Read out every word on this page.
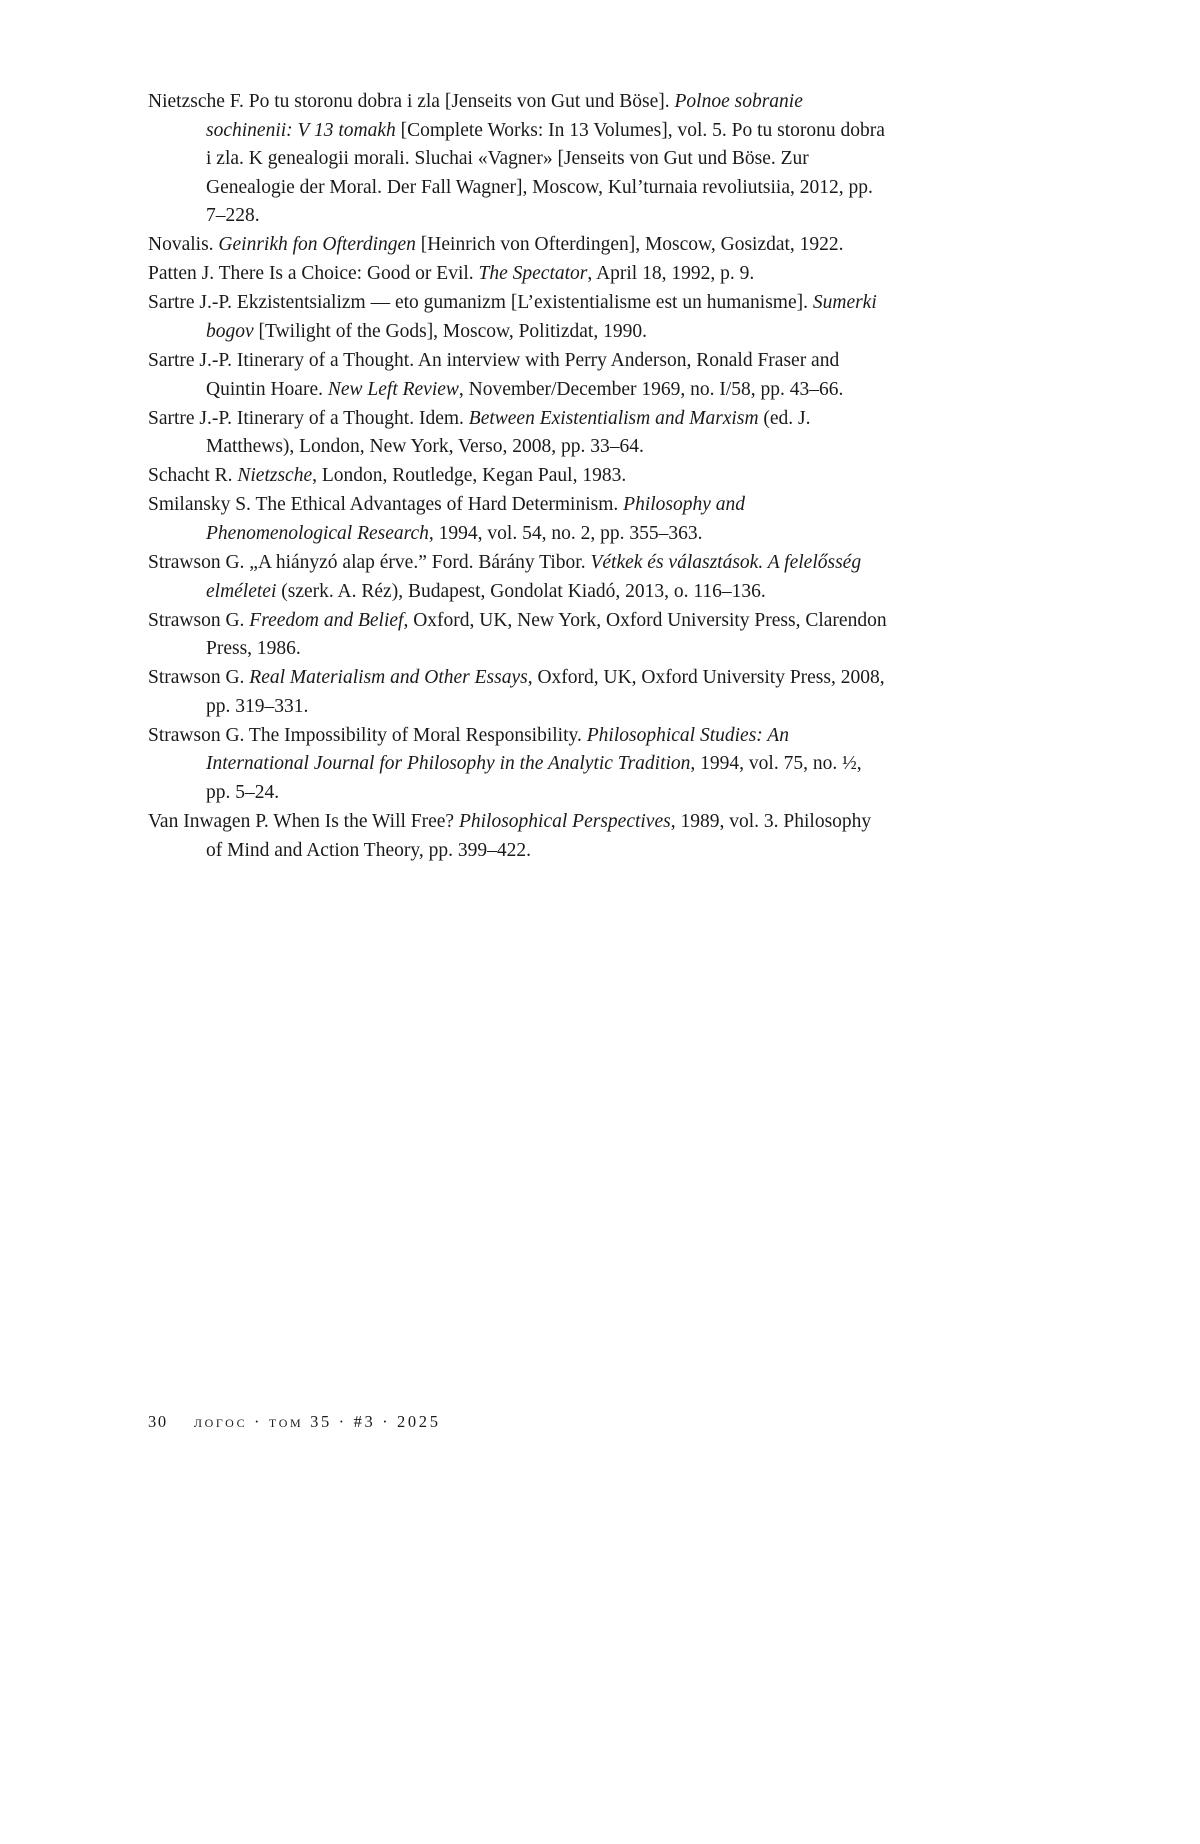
Nietzsche F. Po tu storonu dobra i zla [Jenseits von Gut und Böse]. Polnoe sobranie sochinenii: V 13 tomakh [Complete Works: In 13 Volumes], vol. 5. Po tu storonu dobra i zla. K genealogii morali. Sluchai «Vagner» [Jenseits von Gut und Böse. Zur Genealogie der Moral. Der Fall Wagner], Moscow, Kul’turnaia revoliutsiia, 2012, pp. 7–228.

Novalis. Geinrikh fon Ofterdingen [Heinrich von Ofterdingen], Moscow, Gosizdat, 1922.

Patten J. There Is a Choice: Good or Evil. The Spectator, April 18, 1992, p. 9.

Sartre J.-P. Ekzistentsializm — eto gumanizm [L’existentialisme est un humanisme]. Sumerki bogov [Twilight of the Gods], Moscow, Politizdat, 1990.

Sartre J.-P. Itinerary of a Thought. An interview with Perry Anderson, Ronald Fraser and Quintin Hoare. New Left Review, November/December 1969, no. I/58, pp. 43–66.

Sartre J.-P. Itinerary of a Thought. Idem. Between Existentialism and Marxism (ed. J. Matthews), London, New York, Verso, 2008, pp. 33–64.

Schacht R. Nietzsche, London, Routledge, Kegan Paul, 1983.

Smilansky S. The Ethical Advantages of Hard Determinism. Philosophy and Phenomenological Research, 1994, vol. 54, no. 2, pp. 355–363.

Strawson G. „A hiányzó alap érve.” Ford. Bárány Tibor. Vétkek és választások. A felelősség elméletei (szerk. A. Réz), Budapest, Gondolat Kiadó, 2013, o. 116–136.

Strawson G. Freedom and Belief, Oxford, UK, New York, Oxford University Press, Clarendon Press, 1986.

Strawson G. Real Materialism and Other Essays, Oxford, UK, Oxford University Press, 2008, pp. 319–331.

Strawson G. The Impossibility of Moral Responsibility. Philosophical Studies: An International Journal for Philosophy in the Analytic Tradition, 1994, vol. 75, no. ½, pp. 5–24.

Van Inwagen P. When Is the Will Free? Philosophical Perspectives, 1989, vol. 3. Philosophy of Mind and Action Theory, pp. 399–422.

30 логос · том 35 · #3 · 2025
